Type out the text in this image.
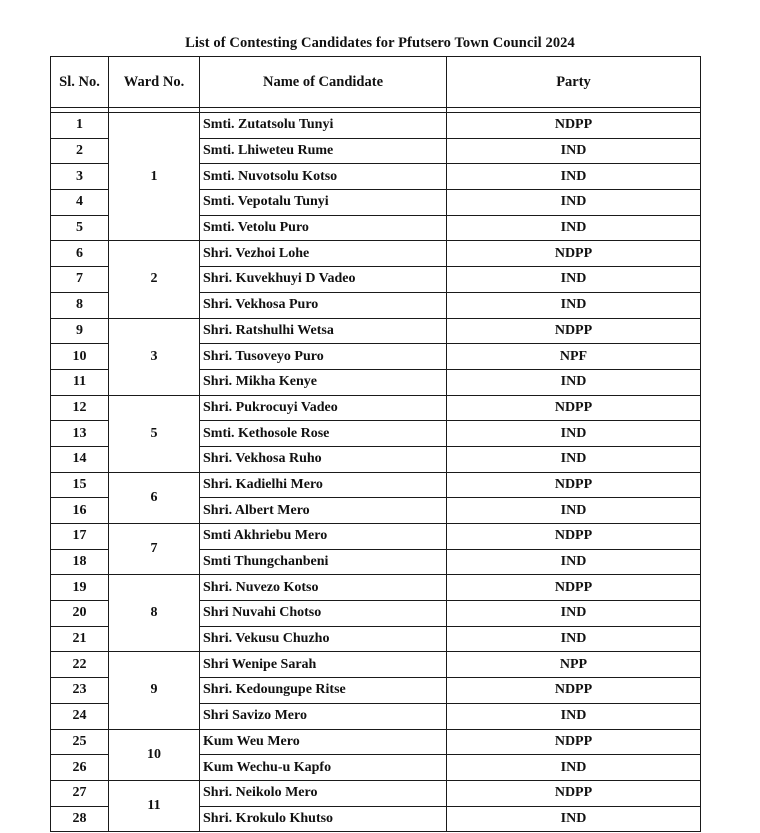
List of Contesting Candidates for Pfutsero Town Council 2024
Sl. No.	Ward No.	Name of Candidate	Party

1	1	Smti. Zutatsolu Tunyi	NDPP
2		Smti. Lhiweteu Rume	IND
3		Smti. Nuvotsolu Kotso	IND
4		Smti. Vepotalu Tunyi	IND
5		Smti. Vetolu Puro	IND
6	2	Shri. Vezhoi Lohe	NDPP
7		Shri. Kuvekhuyi D Vadeo	IND
8		Shri. Vekhosa Puro	IND
9	3	Shri. Ratshulhi Wetsa	NDPP
10		Shri. Tusoveyo Puro	NPF
11		Shri. Mikha Kenye	IND
12	5	Shri. Pukrocuyi Vadeo	NDPP
13		Smti. Kethosole Rose	IND
14		Shri. Vekhosa Ruho	IND
15	6	Shri. Kadielhi Mero	NDPP
16		Shri. Albert Mero	IND
17	7	Smti Akhriebu Mero	NDPP
18		Smti Thungchanbeni	IND
19	8	Shri. Nuvezo Kotso	NDPP
20		Shri Nuvahi Chotso	IND
21		Shri. Vekusu Chuzho	IND
22	9	Shri Wenipe Sarah	NPP
23		Shri. Kedoungupe Ritse	NDPP
24		Shri Savizo Mero	IND
25	10	Kum Weu Mero	NDPP
26		Kum Wechu-u Kapfo	IND
27	11	Shri. Neikolo Mero	NDPP
28		Shri. Krokulo Khutso	IND
